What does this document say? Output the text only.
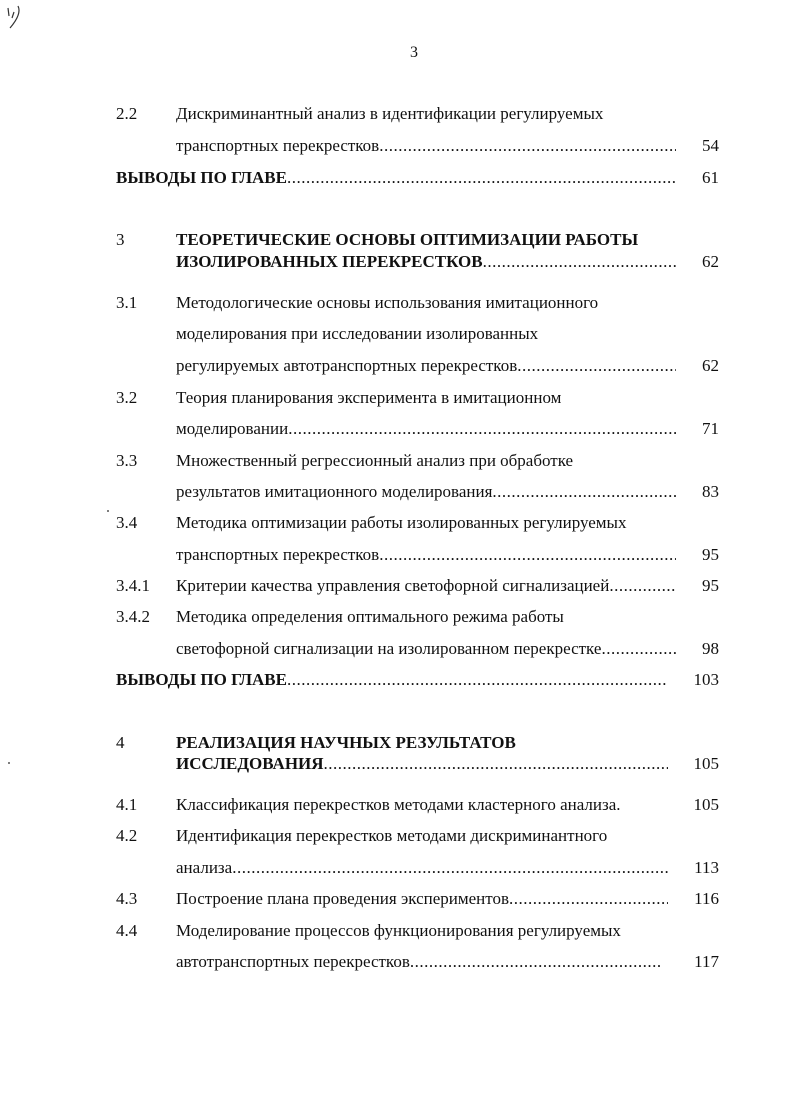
3
2.2 Дискриминантный анализ в идентификации регулируемых
транспортных перекрестков .....	54
ВЫВОДЫ ПО ГЛАВЕ .....	61
3	ТЕОРЕТИЧЕСКИЕ ОСНОВЫ ОПТИМИЗАЦИИ РАБОТЫ
ИЗОЛИРОВАННЫХ ПЕРЕКРЕСТКОВ .....	62
3.1 Методологические основы использования имитационного
моделирования при исследовании изолированных
регулируемых автотранспортных перекрестков .....	62
3.2 Теория планирования эксперимента в имитационном
моделировании .....	71
3.3 Множественный регрессионный анализ при обработке
результатов имитационного моделирования .....	83
3.4 Методика оптимизации работы изолированных регулируемых
транспортных перекрестков .....	95
3.4.1 Критерии качества управления светофорной сигнализацией .....	95
3.4.2 Методика определения оптимального режима работы
светофорной сигнализации на изолированном перекрестке .....	98
ВЫВОДЫ ПО ГЛАВЕ .....	103
4	РЕАЛИЗАЦИЯ НАУЧНЫХ РЕЗУЛЬТАТОВ
ИССЛЕДОВАНИЯ .....	105
4.1 Классификация перекрестков методами кластерного анализа.	105
4.2 Идентификация перекрестков методами дискриминантного
анализа .....	113
4.3 Построение плана проведения экспериментов .....	116
4.4 Моделирование процессов функционирования регулируемых
автотранспортных перекрестков .....	117
